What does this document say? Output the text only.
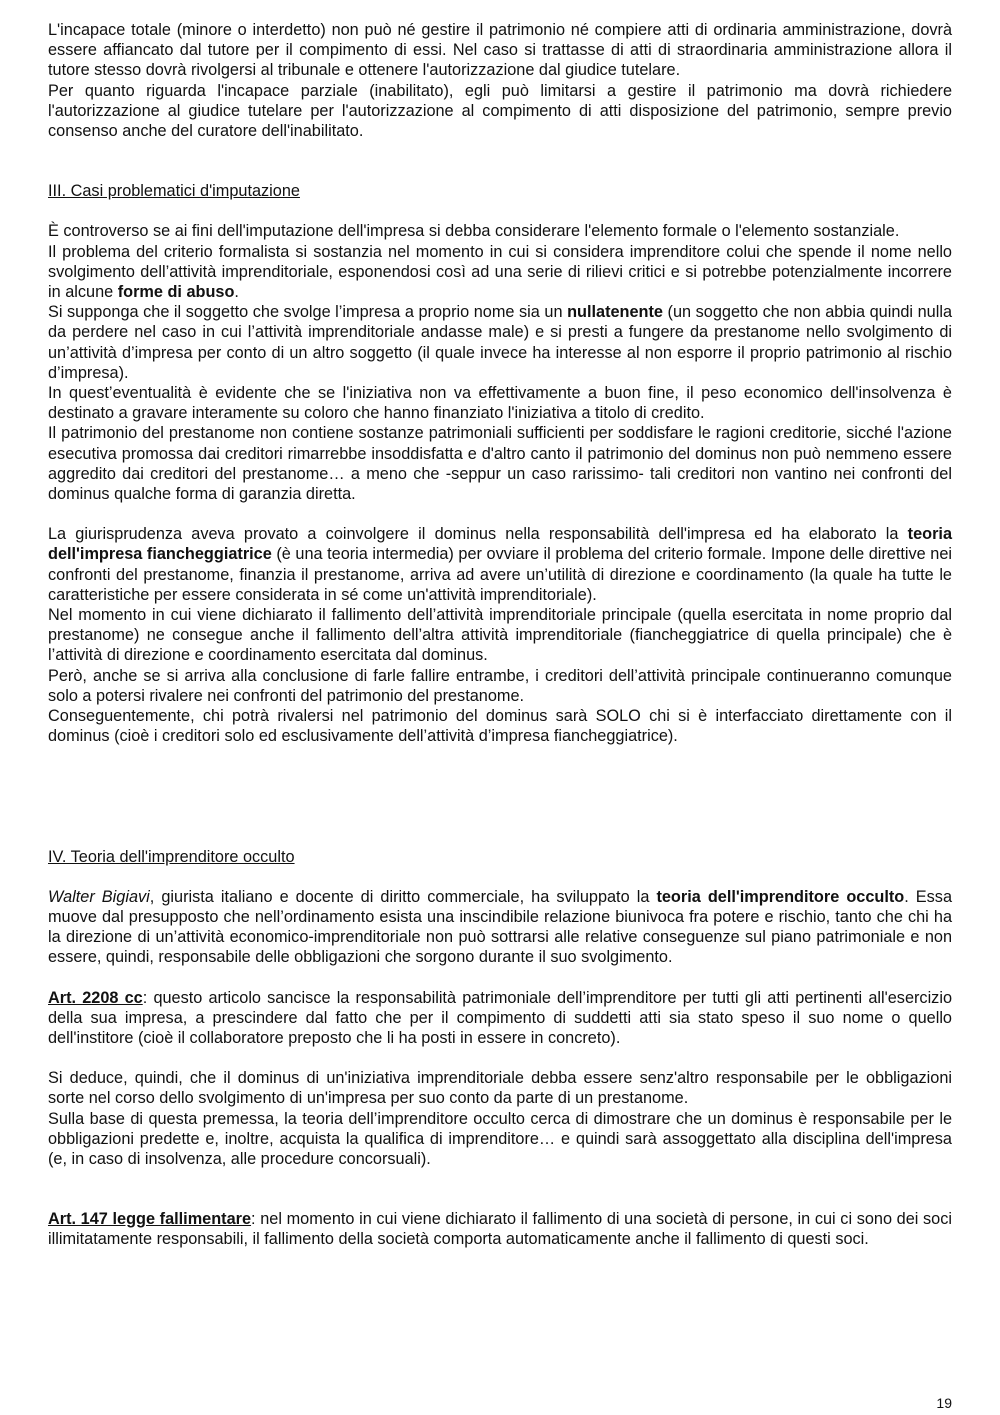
L'incapace totale (minore o interdetto) non può né gestire il patrimonio né compiere atti di ordinaria amministrazione, dovrà essere affiancato dal tutore per il compimento di essi. Nel caso si trattasse di atti di straordinaria amministrazione allora il tutore stesso dovrà rivolgersi al tribunale e ottenere l'autorizzazione dal giudice tutelare.

Per quanto riguarda l'incapace parziale (inabilitato), egli può limitarsi a gestire il patrimonio ma dovrà richiedere l'autorizzazione al giudice tutelare per l'autorizzazione al compimento di atti disposizione del patrimonio, sempre previo consenso anche del curatore dell'inabilitato.

III. Casi problematici d'imputazione

È controverso se ai fini dell'imputazione dell'impresa si debba considerare l'elemento formale o l'elemento sostanziale.

Il problema del criterio formalista si sostanzia nel momento in cui si considera imprenditore colui che spende il nome nello svolgimento dell’attività imprenditoriale, esponendosi così ad una serie di rilievi critici e si potrebbe potenzialmente incorrere in alcune forme di abuso.

Si supponga che il soggetto che svolge l’impresa a proprio nome sia un nullatenente (un soggetto che non abbia quindi nulla da perdere nel caso in cui l’attività imprenditoriale andasse male) e si presti a fungere da prestanome nello svolgimento di un’attività d’impresa per conto di un altro soggetto (il quale invece ha interesse al non esporre il proprio patrimonio al rischio d’impresa).

In quest’eventualità è evidente che se l'iniziativa non va effettivamente a buon fine, il peso economico dell'insolvenza è destinato a gravare interamente su coloro che hanno finanziato l'iniziativa a titolo di credito.

Il patrimonio del prestanome non contiene sostanze patrimoniali sufficienti per soddisfare le ragioni creditorie, sicché l'azione esecutiva promossa dai creditori rimarrebbe insoddisfatta e d'altro canto il patrimonio del dominus non può nemmeno essere aggredito dai creditori del prestanome… a meno che -seppur un caso rarissimo- tali creditori non vantino nei confronti del dominus qualche forma di garanzia diretta.

La giurisprudenza aveva provato a coinvolgere il dominus nella responsabilità dell'impresa ed ha elaborato la teoria dell'impresa fiancheggiatrice (è una teoria intermedia) per ovviare il problema del criterio formale. Impone delle direttive nei confronti del prestanome, finanzia il prestanome, arriva ad avere un’utilità di direzione e coordinamento (la quale ha tutte le caratteristiche per essere considerata in sé come un'attività imprenditoriale).

Nel momento in cui viene dichiarato il fallimento dell’attività imprenditoriale principale (quella esercitata in nome proprio dal prestanome) ne consegue anche il fallimento dell’altra attività imprenditoriale (fiancheggiatrice di quella principale) che è l’attività di direzione e coordinamento esercitata dal dominus.

Però, anche se si arriva alla conclusione di farle fallire entrambe, i creditori dell’attività principale continueranno comunque solo a potersi rivalere nei confronti del patrimonio del prestanome.

Conseguentemente, chi potrà rivalersi nel patrimonio del dominus sarà SOLO chi si è interfacciato direttamente con il dominus (cioè i creditori solo ed esclusivamente dell’attività d’impresa fiancheggiatrice).

IV. Teoria dell'imprenditore occulto

Walter Bigiavi, giurista italiano e docente di diritto commerciale, ha sviluppato la teoria dell'imprenditore occulto. Essa muove dal presupposto che nell’ordinamento esista una inscindibile relazione biunivoca fra potere e rischio, tanto che chi ha la direzione di un’attività economico-imprenditoriale non può sottrarsi alle relative conseguenze sul piano patrimoniale e non essere, quindi, responsabile delle obbligazioni che sorgono durante il suo svolgimento.

Art. 2208 cc: questo articolo sancisce la responsabilità patrimoniale dell’imprenditore per tutti gli atti pertinenti all'esercizio della sua impresa, a prescindere dal fatto che per il compimento di suddetti atti sia stato speso il suo nome o quello dell'institore (cioè il collaboratore preposto che li ha posti in essere in concreto).

Si deduce, quindi, che il dominus di un'iniziativa imprenditoriale debba essere senz'altro responsabile per le obbligazioni sorte nel corso dello svolgimento di un'impresa per suo conto da parte di un prestanome.

Sulla base di questa premessa, la teoria dell’imprenditore occulto cerca di dimostrare che un dominus è responsabile per le obbligazioni predette e, inoltre, acquista la qualifica di imprenditore… e quindi sarà assoggettato alla disciplina dell'impresa (e, in caso di insolvenza, alle procedure concorsuali).

Art. 147 legge fallimentare: nel momento in cui viene dichiarato il fallimento di una società di persone, in cui ci sono dei soci illimitatamente responsabili, il fallimento della società comporta automaticamente anche il fallimento di questi soci.

19
